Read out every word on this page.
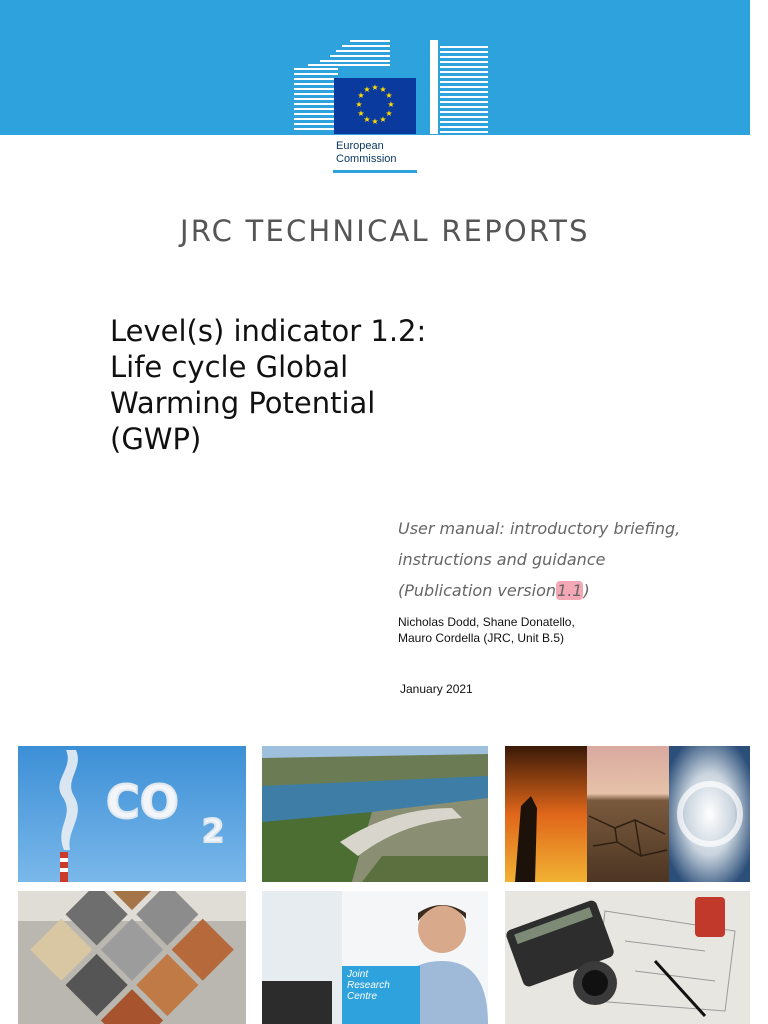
★ ★
★
★
★
★
★
★
★
★
★
★
European
Commission
JRC TECHNICAL REPORTS
Level(s) indicator 1.2:
Life cycle Global
Warming Potential
(GWP)
User manual: introductory briefing,
instructions and guidance
(Publication version1.1)
Nicholas Dodd, Shane Donatello,
Mauro Cordella (JRC, Unit B.5)
January 2021
CO
2
Joint
Research
Centre
